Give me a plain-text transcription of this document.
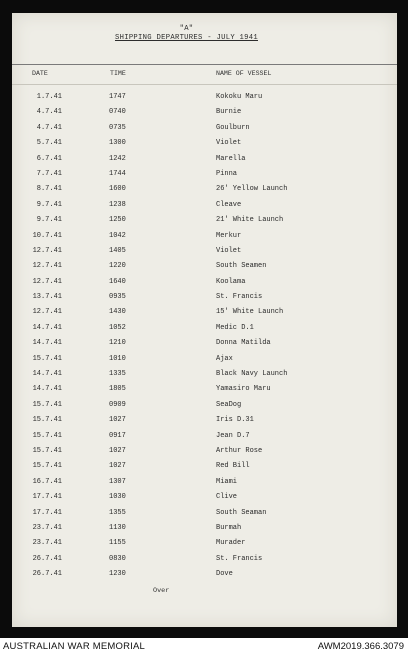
"A"
SHIPPING DEPARTURES - JULY 1941
DATE	TIME	NAME OF VESSEL
1.7.41	1747	Kokoku Maru
4.7.41	0740	Burnie
4.7.41	0735	Goulburn
5.7.41	1300	Violet
6.7.41	1242	Marella
7.7.41	1744	Pinna
8.7.41	1600	26' Yellow Launch
9.7.41	1238	Cleave
9.7.41	1250	21' White Launch
10.7.41	1042	Merkur
12.7.41	1405	Violet
12.7.41	1220	South Seamen
12.7.41	1640	Koolama
13.7.41	0935	St. Francis
12.7.41	1430	15' White Launch
14.7.41	1052	Medic D.1
14.7.41	1210	Donna Matilda
15.7.41	1010	Ajax
14.7.41	1335	Black Navy Launch
14.7.41	1805	Yamasiro Maru
15.7.41	0909	SeaDog
15.7.41	1027	Iris D.31
15.7.41	0917	Jean D.7
15.7.41	1027	Arthur Rose
15.7.41	1027	Red Bill
16.7.41	1307	Miami
17.7.41	1030	Clive
17.7.41	1355	South Seaman
23.7.41	1130	Burmah
23.7.41	1155	Murader
26.7.41	0830	St. Francis
26.7.41	1230	Dove
Over
AUSTRALIAN WAR MEMORIAL	AWM2019.366.3079
